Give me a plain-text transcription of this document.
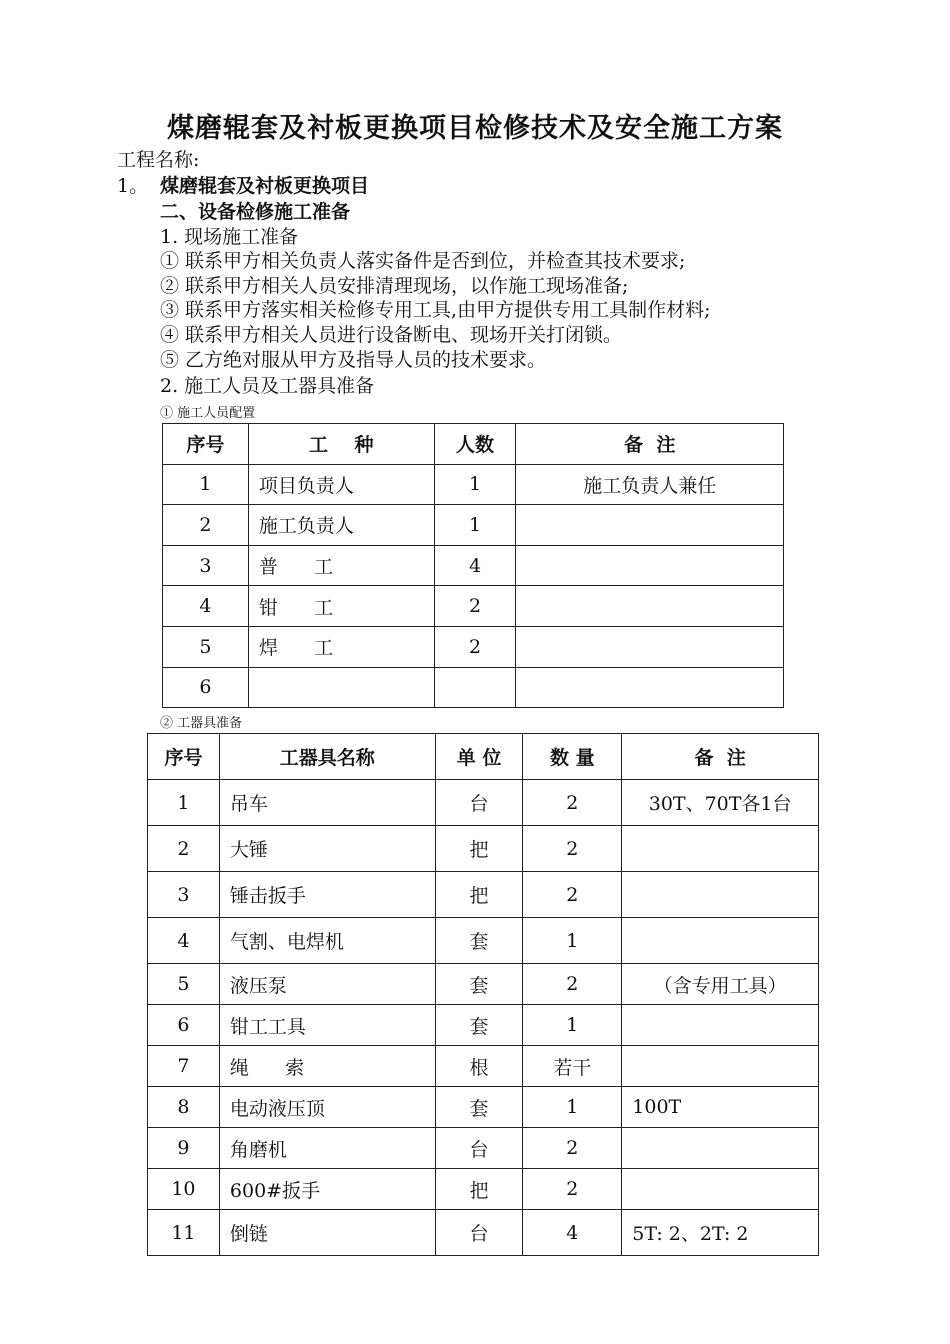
煤磨辊套及衬板更换项目检修技术及安全施工方案
工程名称:
1。 煤磨辊套及衬板更换项目
二、设备检修施工准备
1. 现场施工准备
① 联系甲方相关负责人落实备件是否到位，并检查其技术要求;
② 联系甲方相关人员安排清理现场，以作施工现场准备;
③ 联系甲方落实相关检修专用工具,由甲方提供专用工具制作材料;
④ 联系甲方相关人员进行设备断电、现场开关打闭锁。
⑤ 乙方绝对服从甲方及指导人员的技术要求。
2. 施工人员及工器具准备
① 施工人员配置
序号	工    种	人数	备  注
1	项目负责人	1	施工负责人兼任
2	施工负责人	1	
3	普      工	4	
4	钳      工	2	
5	焊      工	2	
6			
② 工器具准备
序号	工器具名称	单 位	数 量	备  注
1	吊车	台	2	30T、70T各1台
2	大锤	把	2	
3	锤击扳手	把	2	
4	气割、电焊机	套	1	
5	液压泵	套	2	（含专用工具）
6	钳工工具	套	1	
7	绳      索	根	若干	
8	电动液压顶	套	1	100T
9	角磨机	台	2	
10	600#扳手	把	2	
11	倒链	台	4	5T: 2、2T: 2
